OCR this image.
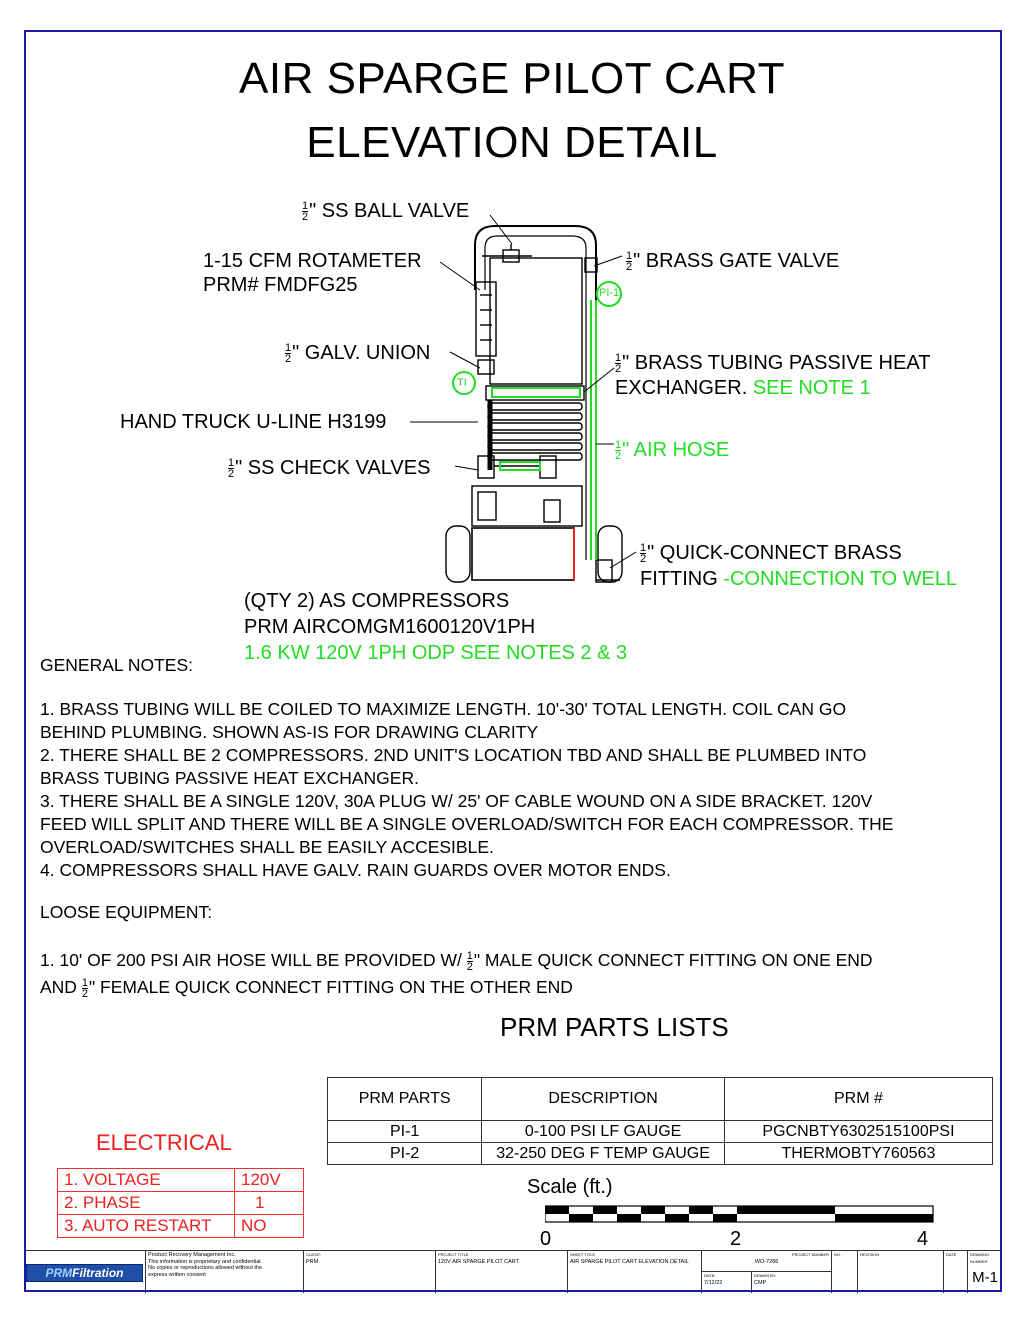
AIR SPARGE PILOT CART
ELEVATION DETAIL
PI-1
TI
$\frac{1}{2}$ " SS BALL VALVE
1-15 CFM ROTAMETER
PRM# FMDFG25
$\frac{1}{2}$ " BRASS GATE VALVE
$\frac{1}{2}$ " GALV. UNION	$\frac{1}{2}$ " BRASS TUBING PASSIVE HEAT
EXCHANGER. SEE NOTE 1
HAND TRUCK U-LINE H3199
$\frac{1}{2}$ " AIR HOSE
$\frac{1}{2}$ " SS CHECK VALVES
$\frac{1}{2}$ " QUICK-CONNECT BRASS
FITTING -CONNECTION TO WELL
(QTY 2) AS COMPRESSORS
PRM AIRCOMGM1600120V1PH
1.6 KW 120V 1PH ODP SEE NOTES 2 & 3
GENERAL NOTES:
1. BRASS TUBING WILL BE COILED TO MAXIMIZE LENGTH. 10'-30' TOTAL LENGTH. COIL CAN GO
BEHIND PLUMBING. SHOWN AS-IS FOR DRAWING CLARITY
2. THERE SHALL BE 2 COMPRESSORS. 2ND UNIT'S LOCATION TBD AND SHALL BE PLUMBED INTO
BRASS TUBING PASSIVE HEAT EXCHANGER.
3. THERE SHALL BE A SINGLE 120V, 30A PLUG W/ 25' OF CABLE WOUND ON A SIDE BRACKET. 120V
FEED WILL SPLIT AND THERE WILL BE A SINGLE OVERLOAD/SWITCH FOR EACH COMPRESSOR. THE
OVERLOAD/SWITCHES SHALL BE EASILY ACCESIBLE.
4. COMPRESSORS SHALL HAVE GALV. RAIN GUARDS OVER MOTOR ENDS.
LOOSE EQUIPMENT:
1. 10' OF 200 PSI AIR HOSE WILL BE PROVIDED $W/ \frac{1}{2}$ " MALE QUICK CONNECT FITTING ON ONE END
AND $\frac{1}{2}$ " FEMALE QUICK CONNECT FITTING ON THE OTHER END
PRM PARTS LISTS
PRM PARTS	DESCRIPTION	PRM #
PI-1	0-100 PSI LF GAUGE	PGCNBTY6302515100PSI
PI-2	32-250 DEG F TEMP GAUGE	THERMOBTY760563
ELECTRICAL
1. VOLTAGE	120V
2. PHASE	1
3. AUTO RESTART	NO
Scale (ft.)
0	2	4
PRMFiltration
Product Recovery Management Inc.
This information is proprietary and confidential.
No copies or reproductions allowed without the
express written consent
CLIENT:
PRM
PROJECT TITLE
120V AIR SPARGE PILOT CART
SHEET TITLE
AIR SPARGE PILOT CART ELEVATION DETAIL
PROJECT NUMBER
WO-7286
DATE:
7/12/22
DRAWN BY:
CMP
NO.	REVISION	DATE	DRAWING NUMBER
M-1
